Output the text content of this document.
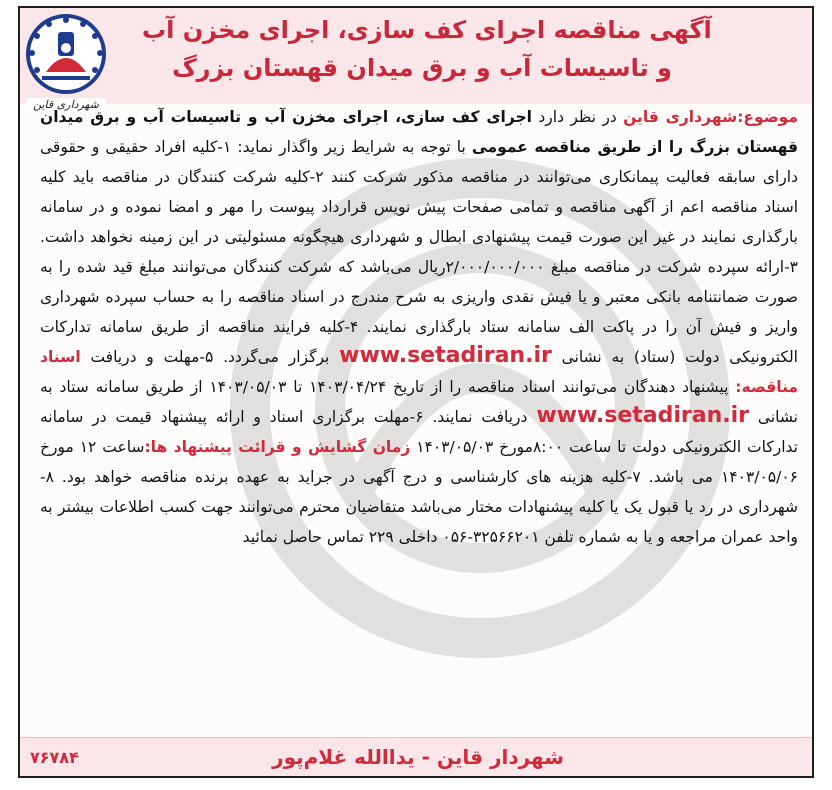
آگهی مناقصه اجرای کف سازی، اجرای مخزن آب
و تاسیسات آب و برق میدان قهستان بزرگ
شهرداری قاین

موضوع:شهرداری قاین در نظر دارد اجرای کف سازی، اجرای مخزن آب و تاسیسات آب و برق میدان قهستان بزرگ را از طریق مناقصه عمومی با توجه به شرایط زیر واگذار نماید: ۱-کلیه افراد حقیقی و حقوقی دارای سابقه فعالیت پیمانکاری می‌توانند در مناقصه مذکور شرکت کنند ۲-کلیه شرکت کنندگان در مناقصه باید کلیه اسناد مناقصه اعم از آگهی مناقصه و تمامی صفحات پیش نویس قرارداد پیوست را مهر و امضا نموده و در سامانه بارگذاری نمایند در غیر این صورت قیمت پیشنهادی ابطال و شهرداری هیچگونه مسئولیتی در این زمینه نخواهد داشت. ۳-ارائه سپرده شرکت در مناقصه مبلغ ۲/۰۰۰/۰۰۰/۰۰۰ریال می‌باشد که شرکت کنندگان می‌توانند مبلغ قید شده را به صورت ضمانتنامه بانکی معتبر و یا فیش نقدی واریزی به شرح مندرج در اسناد مناقصه را به حساب سپرده شهرداری واریز و فیش آن را در پاکت الف سامانه ستاد بارگذاری نمایند. ۴-کلیه فرایند مناقصه از طریق سامانه تدارکات الکترونیکی دولت (ستاد) به نشانی www.setadiran.ir برگزار می‌گردد. ۵-مهلت و دریافت اسناد مناقصه: پیشنهاد دهندگان می‌توانند اسناد مناقصه را از تاریخ ۱۴۰۳/۰۴/۲۴ تا ۱۴۰۳/۰۵/۰۳ از طریق سامانه ستاد به نشانی www.setadiran.ir دریافت نمایند. ۶-مهلت برگزاری اسناد و ارائه پیشنهاد قیمت در سامانه تدارکات الکترونیکی دولت تا ساعت ۸:۰۰مورخ ۱۴۰۳/۰۵/۰۳ زمان گشایش و قرائت پیشنهاد ها:ساعت ۱۲ مورخ ۱۴۰۳/۰۵/۰۶ می باشد. ۷-کلیه هزینه های کارشناسی و درج آگهی در جراید به عهده برنده مناقصه خواهد بود. ۸-شهرداری در رد یا قبول یک یا کلیه پیشنهادات مختار می‌باشد متقاضیان محترم می‌توانند جهت کسب اطلاعات بیشتر به واحد عمران مراجعه و یا به شماره تلفن ۳۲۵۶۶۲۰۱-۰۵۶ داخلی ۲۲۹ تماس حاصل نمائید

شهردار قاین - یداالله غلام‌پور
۷۶۷۸۴
